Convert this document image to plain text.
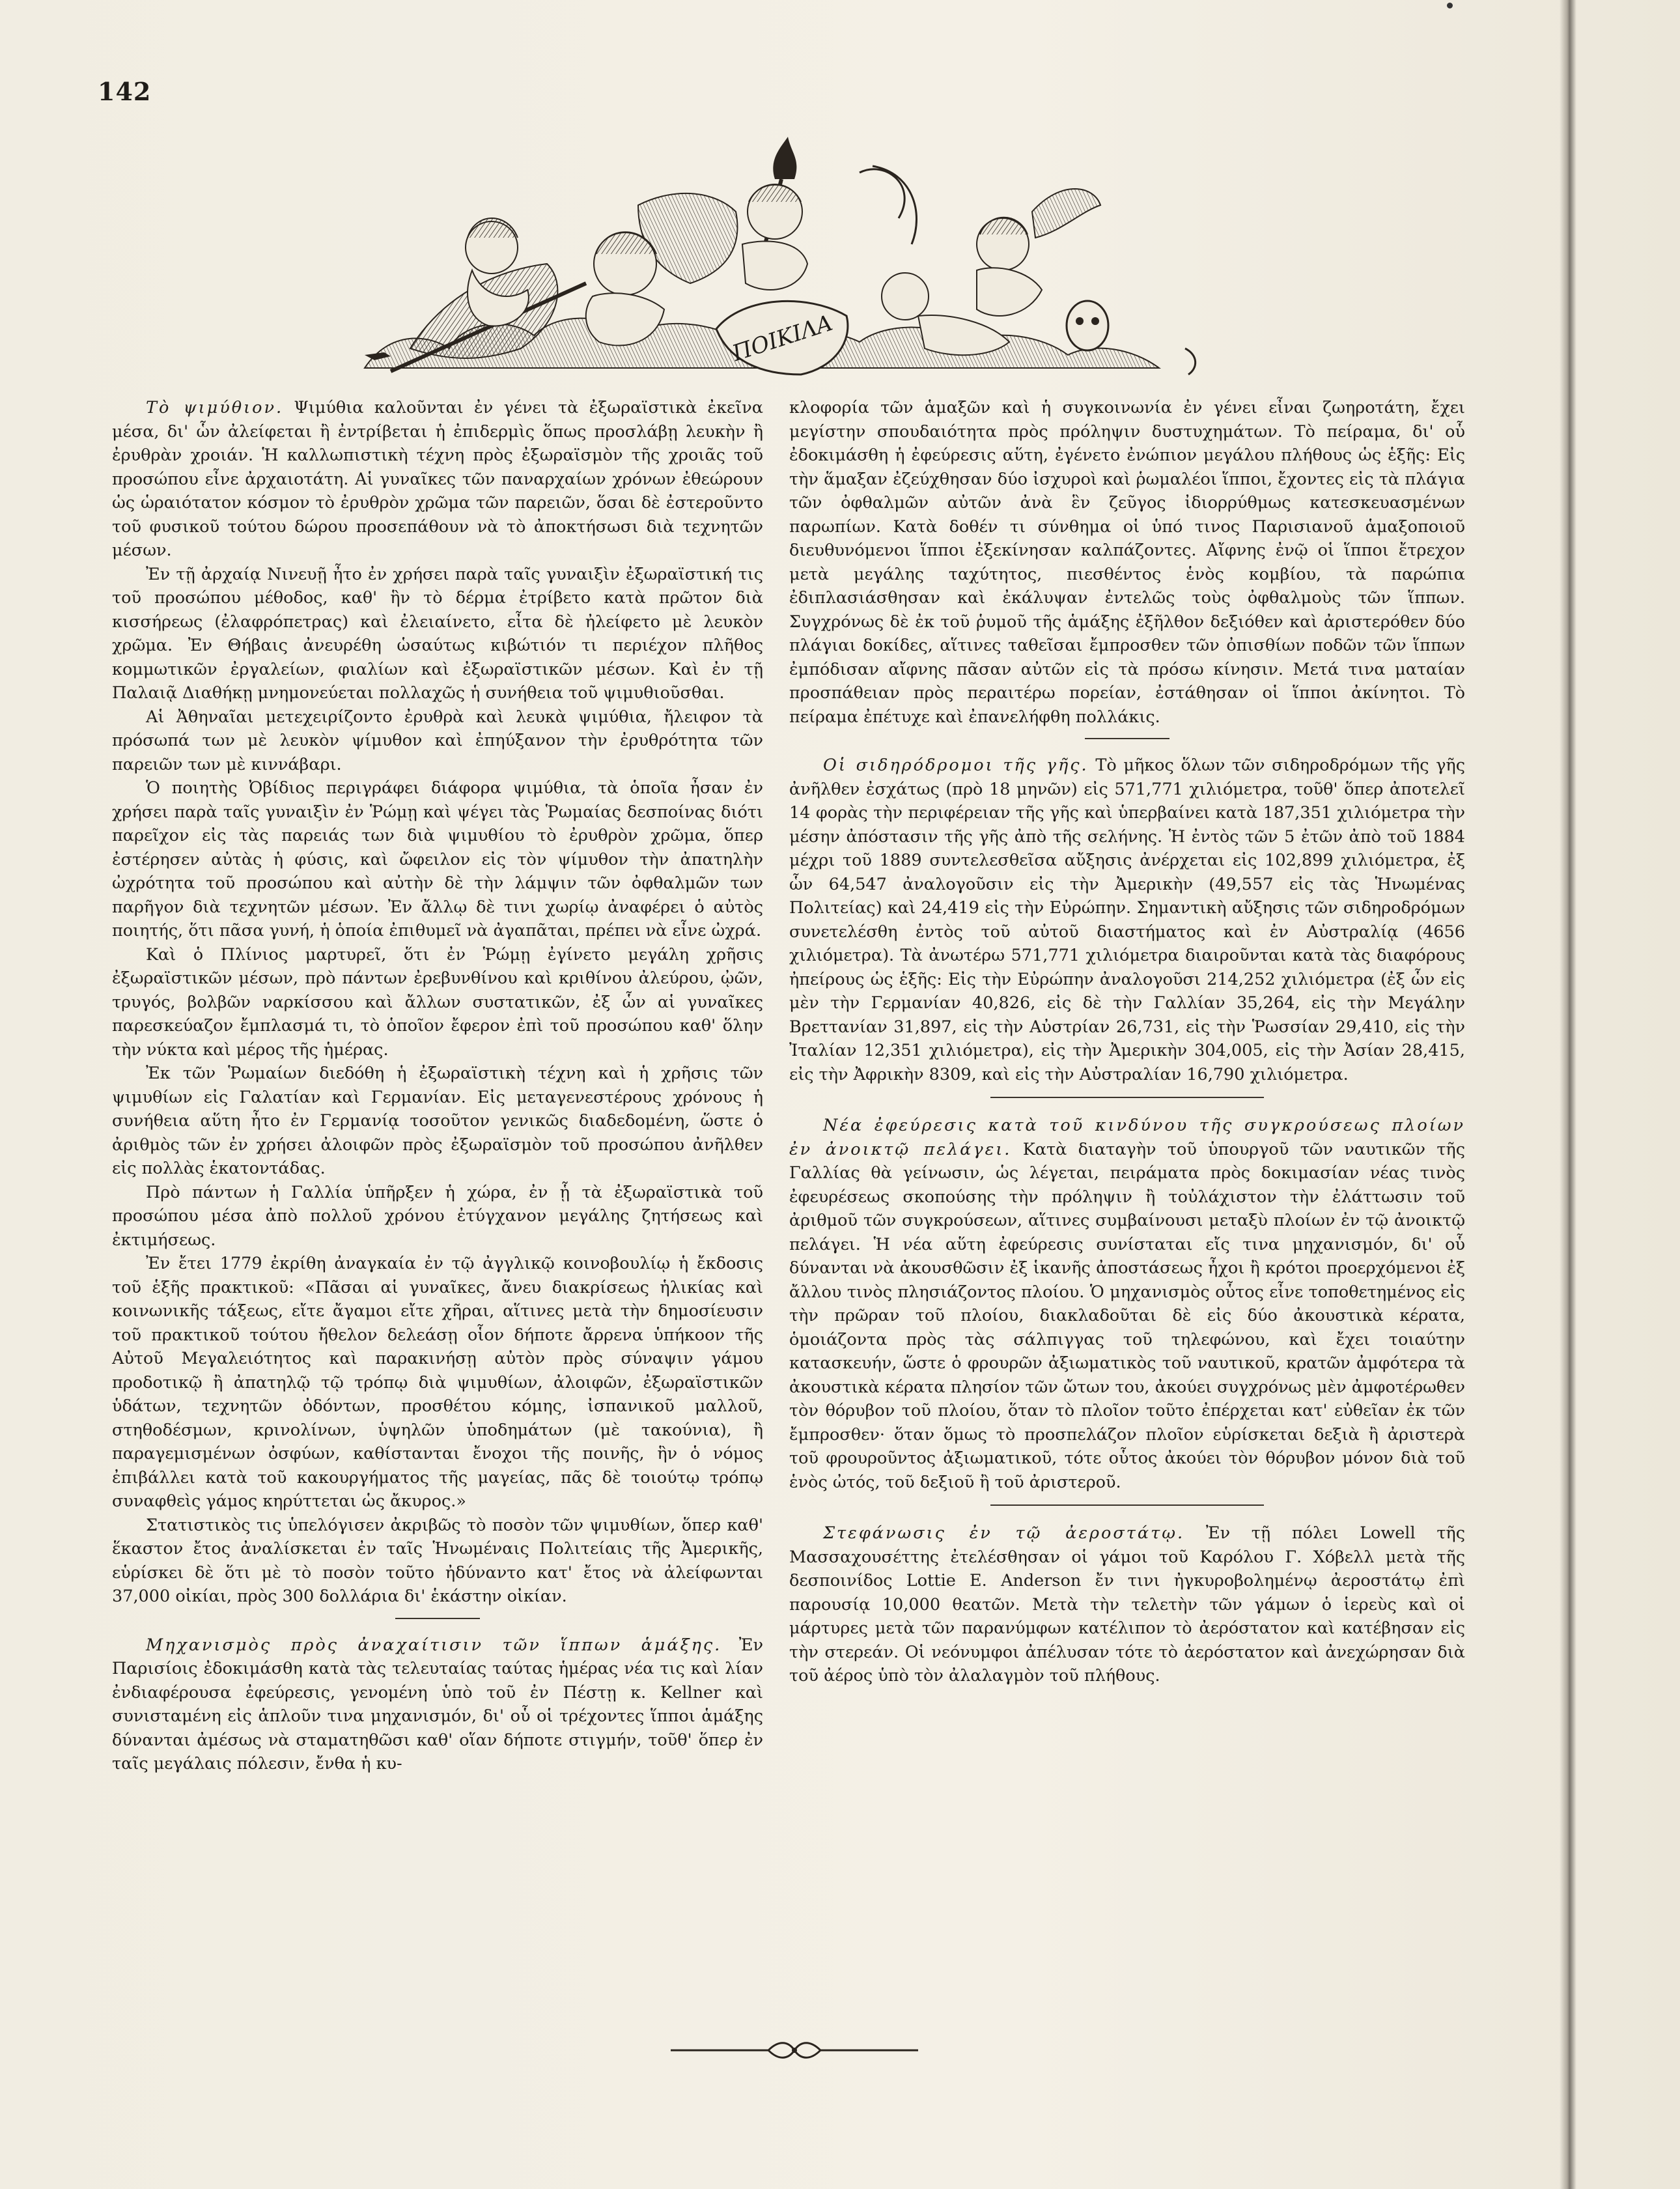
142
ΠΟΙΚΙΛΑ

Τὸ ψιμύθιον. Ψιμύθια καλοῦνται ἐν γένει τὰ ἐξωραϊστικὰ ἐκεῖνα μέσα, δι' ὧν ἀλείφεται ἢ ἐντρίβεται ἡ ἐπιδερμὶς ὅπως προσλάβῃ λευκὴν ἢ ἐρυθρὰν χροιάν. Ἡ καλλωπιστικὴ τέχνη πρὸς ἐξωραϊσμὸν τῆς χροιᾶς τοῦ προσώπου εἶνε ἀρχαιοτάτη. Αἱ γυναῖκες τῶν παναρχαίων χρόνων ἐθεώρουν ὡς ὡραιότατον κόσμον τὸ ἐρυθρὸν χρῶμα τῶν παρειῶν, ὅσαι δὲ ἐστεροῦντο τοῦ φυσικοῦ τούτου δώρου προσεπάθουν νὰ τὸ ἀποκτήσωσι διὰ τεχνητῶν μέσων.

Ἐν τῇ ἀρχαίᾳ Νινευῇ ἦτο ἐν χρήσει παρὰ ταῖς γυναιξὶν ἐξωραϊστική τις τοῦ προσώπου μέθοδος, καθ' ἣν τὸ δέρμα ἐτρίβετο κατὰ πρῶτον διὰ κισσήρεως (ἐλαφρόπετρας) καὶ ἐλειαίνετο, εἶτα δὲ ἠλείφετο μὲ λευκὸν χρῶμα. Ἐν Θήβαις ἀνευρέθη ὡσαύτως κιβώτιόν τι περιέχον πλῆθος κομμωτικῶν ἐργαλείων, φιαλίων καὶ ἐξωραϊστικῶν μέσων. Καὶ ἐν τῇ Παλαιᾷ Διαθήκῃ μνημονεύεται πολλαχῶς ἡ συνήθεια τοῦ ψιμυθιοῦσθαι.

Αἱ Ἀθηναῖαι μετεχειρίζοντο ἐρυθρὰ καὶ λευκὰ ψιμύθια, ἤλειφον τὰ πρόσωπά των μὲ λευκὸν ψίμυθον καὶ ἐπηύξανον τὴν ἐρυθρότητα τῶν παρειῶν των μὲ κιννάβαρι.

Ὁ ποιητὴς Ὀβίδιος περιγράφει διάφορα ψιμύθια, τὰ ὁποῖα ἦσαν ἐν χρήσει παρὰ ταῖς γυναιξὶν ἐν Ῥώμῃ καὶ ψέγει τὰς Ῥωμαίας δεσποίνας διότι παρεῖχον εἰς τὰς παρειάς των διὰ ψιμυθίου τὸ ἐρυθρὸν χρῶμα, ὅπερ ἐστέρησεν αὐτὰς ἡ φύσις, καὶ ὤφειλον εἰς τὸν ψίμυθον τὴν ἀπατηλὴν ὠχρότητα τοῦ προσώπου καὶ αὐτὴν δὲ τὴν λάμψιν τῶν ὀφθαλμῶν των παρῆγον διὰ τεχνητῶν μέσων. Ἐν ἄλλῳ δὲ τινι χωρίῳ ἀναφέρει ὁ αὐτὸς ποιητής, ὅτι πᾶσα γυνή, ἡ ὁποία ἐπιθυμεῖ νὰ ἀγαπᾶται, πρέπει νὰ εἶνε ὠχρά.

Καὶ ὁ Πλίνιος μαρτυρεῖ, ὅτι ἐν Ῥώμῃ ἐγίνετο μεγάλη χρῆσις ἐξωραϊστικῶν μέσων, πρὸ πάντων ἐρεβυνθίνου καὶ κριθίνου ἀλεύρου, ᾠῶν, τρυγός, βολβῶν ναρκίσσου καὶ ἄλλων συστατικῶν, ἐξ ὧν αἱ γυναῖκες παρεσκεύαζον ἔμπλασμά τι, τὸ ὁποῖον ἔφερον ἐπὶ τοῦ προσώπου καθ' ὅλην τὴν νύκτα καὶ μέρος τῆς ἡμέρας.

Ἐκ τῶν Ῥωμαίων διεδόθη ἡ ἐξωραϊστικὴ τέχνη καὶ ἡ χρῆσις τῶν ψιμυθίων εἰς Γαλατίαν καὶ Γερμανίαν. Εἰς μεταγενεστέρους χρόνους ἡ συνήθεια αὕτη ἦτο ἐν Γερμανίᾳ τοσοῦτον γενικῶς διαδεδομένη, ὥστε ὁ ἀριθμὸς τῶν ἐν χρήσει ἀλοιφῶν πρὸς ἐξωραϊσμὸν τοῦ προσώπου ἀνῆλθεν εἰς πολλὰς ἑκατοντάδας.

Πρὸ πάντων ἡ Γαλλία ὑπῆρξεν ἡ χώρα, ἐν ᾗ τὰ ἐξωραϊστικὰ τοῦ προσώπου μέσα ἀπὸ πολλοῦ χρόνου ἐτύγχανον μεγάλης ζητήσεως καὶ ἐκτιμήσεως.

Ἐν ἔτει 1779 ἐκρίθη ἀναγκαία ἐν τῷ ἀγγλικῷ κοινοβουλίῳ ἡ ἔκδοσις τοῦ ἑξῆς πρακτικοῦ: «Πᾶσαι αἱ γυναῖκες, ἄνευ διακρίσεως ἡλικίας καὶ κοινωνικῆς τάξεως, εἴτε ἄγαμοι εἴτε χῆραι, αἵτινες μετὰ τὴν δημοσίευσιν τοῦ πρακτικοῦ τούτου ἤθελον δελεάσῃ οἷον δήποτε ἄρρενα ὑπήκοον τῆς Αὐτοῦ Μεγαλειότητος καὶ παρακινήσῃ αὐτὸν πρὸς σύναψιν γάμου προδοτικῷ ἢ ἀπατηλῷ τῷ τρόπῳ διὰ ψιμυθίων, ἀλοιφῶν, ἐξωραϊστικῶν ὑδάτων, τεχνητῶν ὀδόντων, προσθέτου κόμης, ἰσπανικοῦ μαλλοῦ, στηθοδέσμων, κρινολίνων, ὑψηλῶν ὑποδημάτων (μὲ τακούνια), ἢ παραγεμισμένων ὀσφύων, καθίστανται ἔνοχοι τῆς ποινῆς, ἣν ὁ νόμος ἐπιβάλλει κατὰ τοῦ κακουργήματος τῆς μαγείας, πᾶς δὲ τοιούτῳ τρόπῳ συναφθεὶς γάμος κηρύττεται ὡς ἄκυρος.»

Στατιστικὸς τις ὑπελόγισεν ἀκριβῶς τὸ ποσὸν τῶν ψιμυθίων, ὅπερ καθ' ἕκαστον ἔτος ἀναλίσκεται ἐν ταῖς Ἡνωμέναις Πολιτείαις τῆς Ἀμερικῆς, εὑρίσκει δὲ ὅτι μὲ τὸ ποσὸν τοῦτο ἠδύναντο κατ' ἔτος νὰ ἀλείφωνται 37,000 οἰκίαι, πρὸς 300 δολλάρια δι' ἑκάστην οἰκίαν.

Μηχανισμὸς πρὸς ἀναχαίτισιν τῶν ἵππων ἁμάξης. Ἐν Παρισίοις ἐδοκιμάσθη κατὰ τὰς τελευταίας ταύτας ἡμέρας νέα τις καὶ λίαν ἐνδιαφέρουσα ἐφεύρεσις, γενομένη ὑπὸ τοῦ ἐν Πέστῃ κ. Kellner καὶ συνισταμένη εἰς ἁπλοῦν τινα μηχανισμόν, δι' οὗ οἱ τρέχοντες ἵπποι ἁμάξης δύνανται ἀμέσως νὰ σταματηθῶσι καθ' οἵαν δήποτε στιγμήν, τοῦθ' ὅπερ ἐν ταῖς μεγάλαις πόλεσιν, ἔνθα ἡ κυ-

κλοφορία τῶν ἁμαξῶν καὶ ἡ συγκοινωνία ἐν γένει εἶναι ζωηροτάτη, ἔχει μεγίστην σπουδαιότητα πρὸς πρόληψιν δυστυχημάτων. Τὸ πείραμα, δι' οὗ ἐδοκιμάσθη ἡ ἐφεύρεσις αὕτη, ἐγένετο ἐνώπιον μεγάλου πλήθους ὡς ἑξῆς: Εἰς τὴν ἅμαξαν ἐζεύχθησαν δύο ἰσχυροὶ καὶ ῥωμαλέοι ἵπποι, ἔχοντες εἰς τὰ πλάγια τῶν ὀφθαλμῶν αὐτῶν ἀνὰ ἓν ζεῦγος ἰδιορρύθμως κατεσκευασμένων παρωπίων. Κατὰ δοθέν τι σύνθημα οἱ ὑπό τινος Παρισιανοῦ ἁμαξοποιοῦ διευθυνόμενοι ἵπποι ἐξεκίνησαν καλπάζοντες. Αἴφνης ἐνῷ οἱ ἵπποι ἔτρεχον μετὰ μεγάλης ταχύτητος, πιεσθέντος ἑνὸς κομβίου, τὰ παρώπια ἐδιπλασιάσθησαν καὶ ἐκάλυψαν ἐντελῶς τοὺς ὀφθαλμοὺς τῶν ἵππων. Συγχρόνως δὲ ἐκ τοῦ ῥυμοῦ τῆς ἁμάξης ἐξῆλθον δεξιόθεν καὶ ἀριστερόθεν δύο πλάγιαι δοκίδες, αἵτινες ταθεῖσαι ἔμπροσθεν τῶν ὀπισθίων ποδῶν τῶν ἵππων ἐμπόδισαν αἴφνης πᾶσαν αὐτῶν εἰς τὰ πρόσω κίνησιν. Μετά τινα ματαίαν προσπάθειαν πρὸς περαιτέρω πορείαν, ἐστάθησαν οἱ ἵπποι ἀκίνητοι. Τὸ πείραμα ἐπέτυχε καὶ ἐπανελήφθη πολλάκις.

Οἱ σιδηρόδρομοι τῆς γῆς. Τὸ μῆκος ὅλων τῶν σιδηροδρόμων τῆς γῆς ἀνῆλθεν ἐσχάτως (πρὸ 18 μηνῶν) εἰς 571,771 χιλιόμετρα, τοῦθ' ὅπερ ἀποτελεῖ 14 φορὰς τὴν περιφέρειαν τῆς γῆς καὶ ὑπερβαίνει κατὰ 187,351 χιλιόμετρα τὴν μέσην ἀπόστασιν τῆς γῆς ἀπὸ τῆς σελήνης. Ἡ ἐντὸς τῶν 5 ἐτῶν ἀπὸ τοῦ 1884 μέχρι τοῦ 1889 συντελεσθεῖσα αὔξησις ἀνέρχεται εἰς 102,899 χιλιόμετρα, ἐξ ὧν 64,547 ἀναλογοῦσιν εἰς τὴν Ἀμερικὴν (49,557 εἰς τὰς Ἡνωμένας Πολιτείας) καὶ 24,419 εἰς τὴν Εὐρώπην. Σημαντικὴ αὔξησις τῶν σιδηροδρόμων συνετελέσθη ἐντὸς τοῦ αὐτοῦ διαστήματος καὶ ἐν Αὐστραλίᾳ (4656 χιλιόμετρα). Τὰ ἀνωτέρω 571,771 χιλιόμετρα διαιροῦνται κατὰ τὰς διαφόρους ἠπείρους ὡς ἑξῆς: Εἰς τὴν Εὐρώπην ἀναλογοῦσι 214,252 χιλιόμετρα (ἐξ ὧν εἰς μὲν τὴν Γερμανίαν 40,826, εἰς δὲ τὴν Γαλλίαν 35,264, εἰς τὴν Μεγάλην Βρεττανίαν 31,897, εἰς τὴν Αὐστρίαν 26,731, εἰς τὴν Ῥωσσίαν 29,410, εἰς τὴν Ἰταλίαν 12,351 χιλιόμετρα), εἰς τὴν Ἀμερικὴν 304,005, εἰς τὴν Ἀσίαν 28,415, εἰς τὴν Ἀφρικὴν 8309, καὶ εἰς τὴν Αὐστραλίαν 16,790 χιλιόμετρα.

Νέα ἐφεύρεσις κατὰ τοῦ κινδύνου τῆς συγκρούσεως πλοίων ἐν ἀνοικτῷ πελάγει. Κατὰ διαταγὴν τοῦ ὑπουργοῦ τῶν ναυτικῶν τῆς Γαλλίας θὰ γείνωσιν, ὡς λέγεται, πειράματα πρὸς δοκιμασίαν νέας τινὸς ἐφευρέσεως σκοπούσης τὴν πρόληψιν ἢ τοὐλάχιστον τὴν ἐλάττωσιν τοῦ ἀριθμοῦ τῶν συγκρούσεων, αἵτινες συμβαίνουσι μεταξὺ πλοίων ἐν τῷ ἀνοικτῷ πελάγει. Ἡ νέα αὕτη ἐφεύρεσις συνίσταται εἴς τινα μηχανισμόν, δι' οὗ δύνανται νὰ ἀκουσθῶσιν ἐξ ἱκανῆς ἀποστάσεως ἦχοι ἢ κρότοι προερχόμενοι ἐξ ἄλλου τινὸς πλησιάζοντος πλοίου. Ὁ μηχανισμὸς οὗτος εἶνε τοποθετημένος εἰς τὴν πρῶραν τοῦ πλοίου, διακλαδοῦται δὲ εἰς δύο ἀκουστικὰ κέρατα, ὁμοιάζοντα πρὸς τὰς σάλπιγγας τοῦ τηλεφώνου, καὶ ἔχει τοιαύτην κατασκευήν, ὥστε ὁ φρουρῶν ἀξιωματικὸς τοῦ ναυτικοῦ, κρατῶν ἀμφότερα τὰ ἀκουστικὰ κέρατα πλησίον τῶν ὤτων του, ἀκούει συγχρόνως μὲν ἀμφοτέρωθεν τὸν θόρυβον τοῦ πλοίου, ὅταν τὸ πλοῖον τοῦτο ἐπέρχεται κατ' εὐθεῖαν ἐκ τῶν ἔμπροσθεν· ὅταν ὅμως τὸ προσπελάζον πλοῖον εὑρίσκεται δεξιὰ ἢ ἀριστερὰ τοῦ φρουροῦντος ἀξιωματικοῦ, τότε οὗτος ἀκούει τὸν θόρυβον μόνον διὰ τοῦ ἑνὸς ὠτός, τοῦ δεξιοῦ ἢ τοῦ ἀριστεροῦ.

Στεφάνωσις ἐν τῷ ἀεροστάτῳ. Ἐν τῇ πόλει Lowell τῆς Μασσαχουσέττης ἐτελέσθησαν οἱ γάμοι τοῦ Καρόλου Γ. Χόβελλ μετὰ τῆς δεσποινίδος Lottie E. Anderson ἔν τινι ἠγκυροβολημένῳ ἀεροστάτῳ ἐπὶ παρουσίᾳ 10,000 θεατῶν. Μετὰ τὴν τελετὴν τῶν γάμων ὁ ἱερεὺς καὶ οἱ μάρτυρες μετὰ τῶν παρανύμφων κατέλιπον τὸ ἀερόστατον καὶ κατέβησαν εἰς τὴν στερεάν. Οἱ νεόνυμφοι ἀπέλυσαν τότε τὸ ἀερόστατον καὶ ἀνεχώρησαν διὰ τοῦ ἀέρος ὑπὸ τὸν ἀλαλαγμὸν τοῦ πλήθους.
